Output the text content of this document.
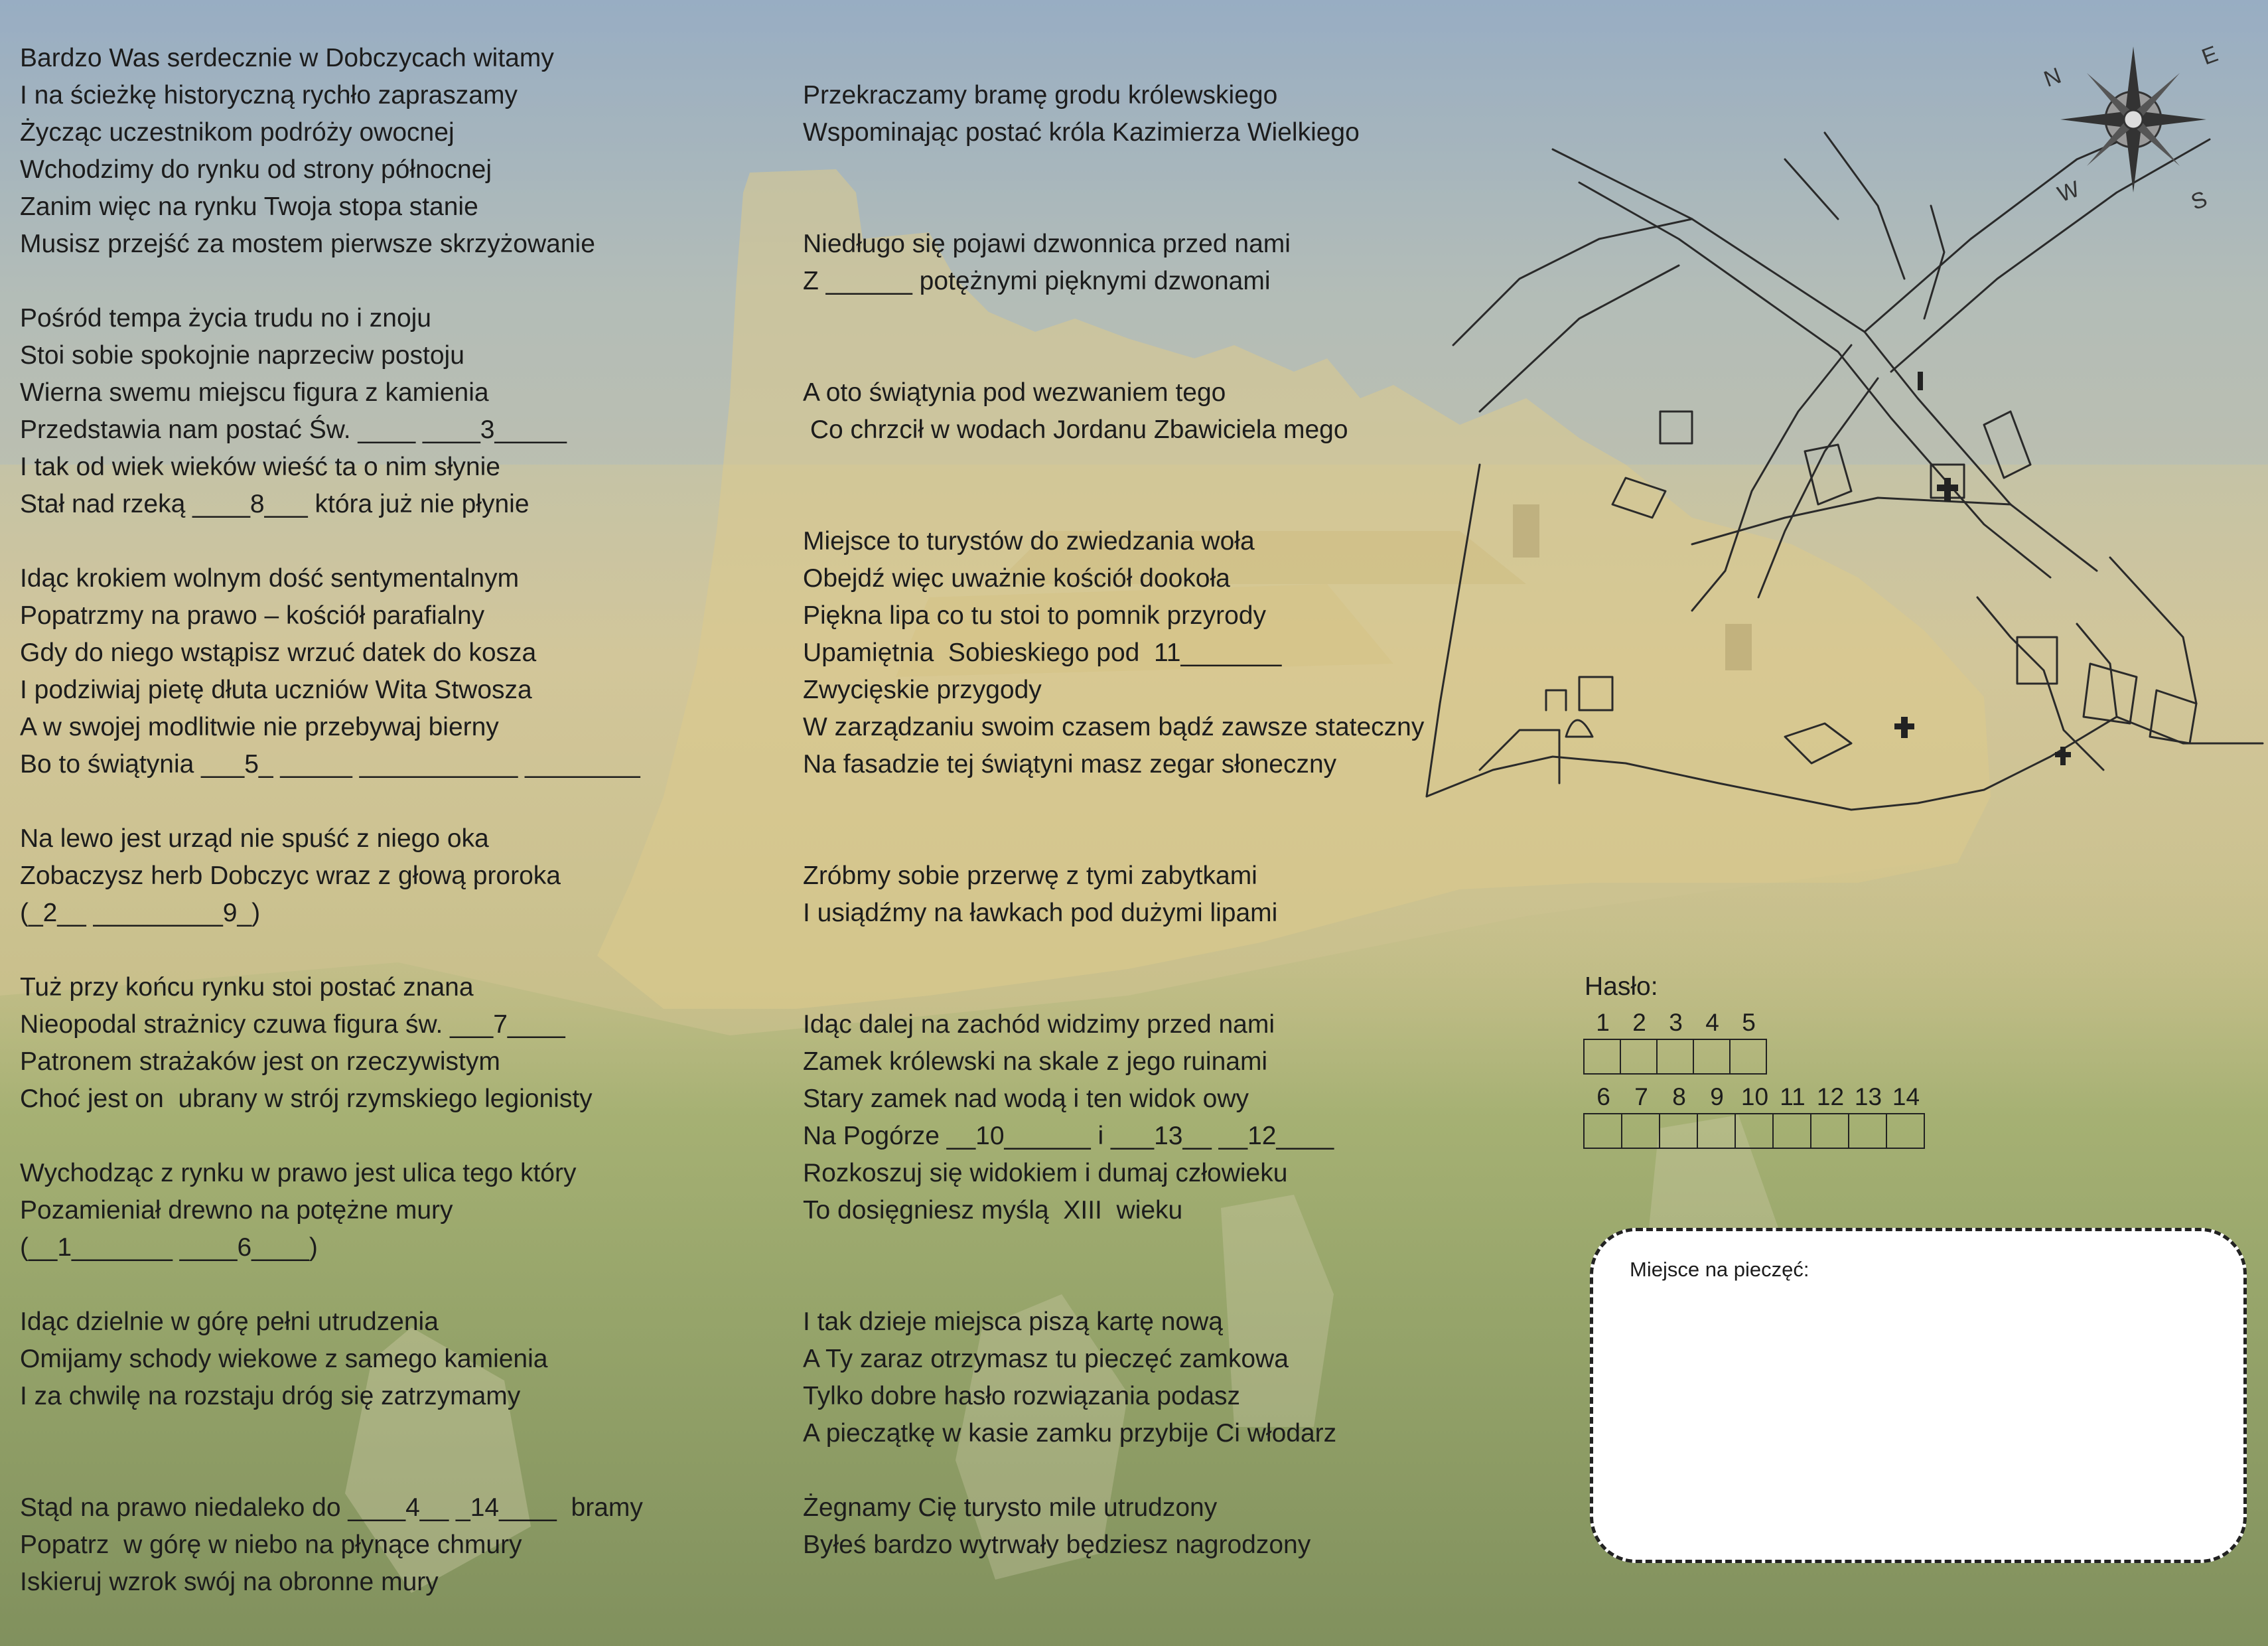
N
E
W	S
Bardzo Was serdecznie w Dobczycach witamy
I na ścieżkę historyczną rychło zapraszamy
Życząc uczestnikom podróży owocnej
Wchodzimy do rynku od strony północnej
Zanim więc na rynku Twoja stopa stanie
Musisz przejść za mostem pierwsze skrzyżowanie
Pośród tempa życia trudu no i znoju
Stoi sobie spokojnie naprzeciw postoju
Wierna swemu miejscu figura z kamienia
Przedstawia nam postać Św. ____ ____3_____
I tak od wiek wieków wieść ta o nim słynie
Stał nad rzeką ____8___ która już nie płynie
Idąc krokiem wolnym dość sentymentalnym
Popatrzmy na prawo – kościół parafialny
Gdy do niego wstąpisz wrzuć datek do kosza
I podziwiaj pietę dłuta uczniów Wita Stwosza
A w swojej modlitwie nie przebywaj bierny
Bo to świątynia ___5_ _____ ___________ ________
Na lewo jest urząd nie spuść z niego oka
Zobaczysz herb Dobczyc wraz z głową proroka
(_2__ _________9_)
Tuż przy końcu rynku stoi postać znana
Nieopodal strażnicy czuwa figura św. ___7____
Patronem strażaków jest on rzeczywistym
Choć jest on  ubrany w strój rzymskiego legionisty
Wychodząc z rynku w prawo jest ulica tego który
Pozamieniał drewno na potężne mury
(__1_______ ____6____)
Idąc dzielnie w górę pełni utrudzenia
Omijamy schody wiekowe z samego kamienia
I za chwilę na rozstaju dróg się zatrzymamy
Stąd na prawo niedaleko do ____4__ _14____  bramy
Popatrz  w górę w niebo na płynące chmury
Iskieruj wzrok swój na obronne mury
Przekraczamy bramę grodu królewskiego
Wspominając postać króla Kazimierza Wielkiego
Niedługo się pojawi dzwonnica przed nami
Z ______ potężnymi pięknymi dzwonami
A oto świątynia pod wezwaniem tego
Co chrzcił w wodach Jordanu Zbawiciela mego
Miejsce to turystów do zwiedzania woła
Obejdź więc uważnie kościół dookoła
Piękna lipa co tu stoi to pomnik przyrody
Upamiętnia  Sobieskiego pod  11_______
Zwycięskie przygody
W zarządzaniu swoim czasem bądź zawsze stateczny
Na fasadzie tej świątyni masz zegar słoneczny
Zróbmy sobie przerwę z tymi zabytkami
I usiądźmy na ławkach pod dużymi lipami
Idąc dalej na zachód widzimy przed nami
Zamek królewski na skale z jego ruinami
Stary zamek nad wodą i ten widok owy
Na Pogórze __10______ i ___13__ __12____
Rozkoszuj się widokiem i dumaj człowieku
To dosięgniesz myślą  XIII  wieku
I tak dzieje miejsca piszą kartę nową
A Ty zaraz otrzymasz tu pieczęć zamkowa
Tylko dobre hasło rozwiązania podasz
A pieczątkę w kasie zamku przybije Ci włodarz
Żegnamy Cię turysto mile utrudzony
Byłeś bardzo wytrwały będziesz nagrodzony
Hasło:
1 2 3 4 5
6 7 8 9 10 11 12 13 14
Miejsce na pieczęć:
